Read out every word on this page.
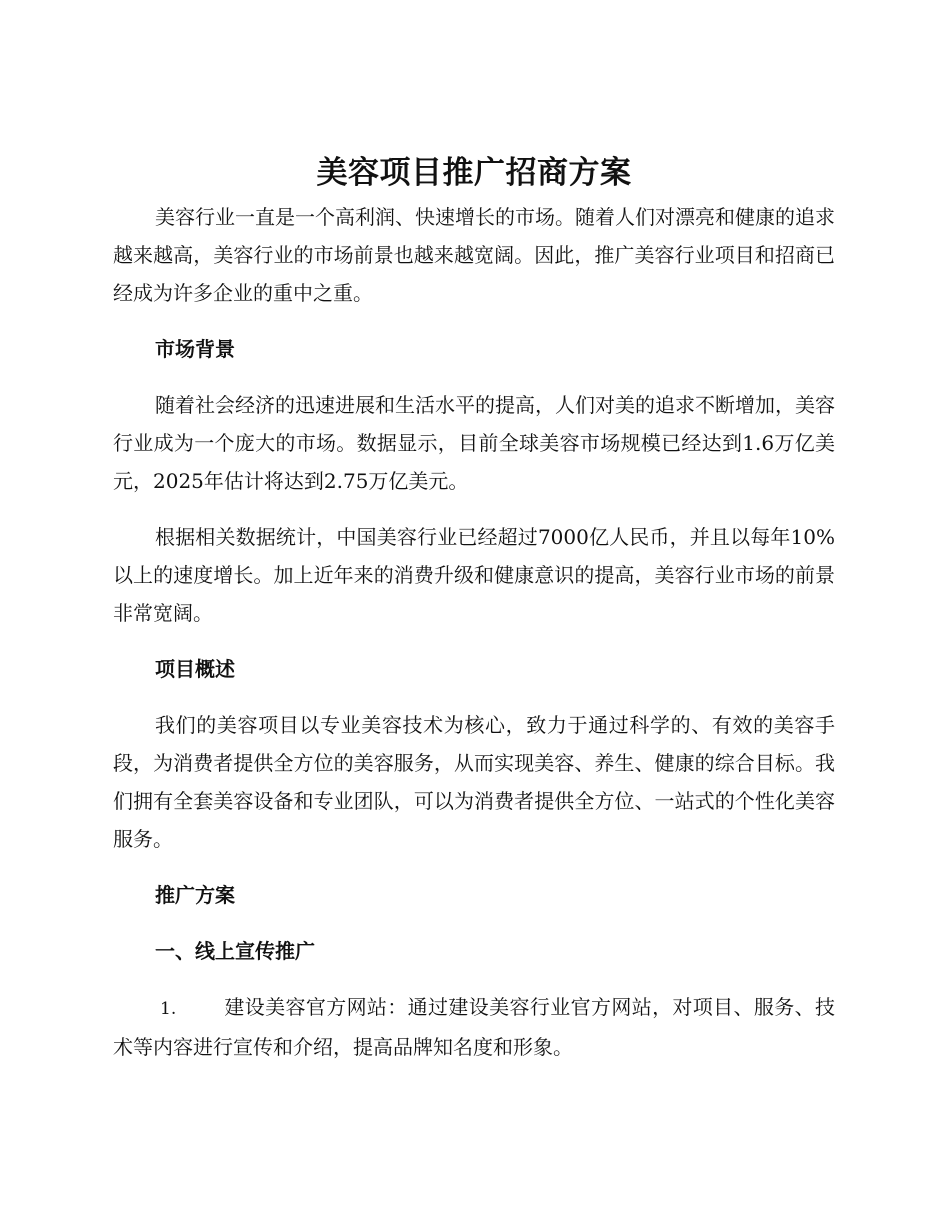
美容项目推广招商方案

美容行业一直是一个高利润、快速增长的市场。随着人们对漂亮和健康的追求越来越高，美容行业的市场前景也越来越宽阔。因此，推广美容行业项目和招商已经成为许多企业的重中之重。

市场背景

随着社会经济的迅速进展和生活水平的提高，人们对美的追求不断增加，美容行业成为一个庞大的市场。数据显示，目前全球美容市场规模已经达到1.6万亿美元，2025年估计将达到2.75万亿美元。

根据相关数据统计，中国美容行业已经超过7000亿人民币，并且以每年10%以上的速度增长。加上近年来的消费升级和健康意识的提高，美容行业市场的前景非常宽阔。

项目概述

我们的美容项目以专业美容技术为核心，致力于通过科学的、有效的美容手段，为消费者提供全方位的美容服务，从而实现美容、养生、健康的综合目标。我们拥有全套美容设备和专业团队，可以为消费者提供全方位、一站式的个性化美容服务。

推广方案
一、线上宣传推广

1. 建设美容官方网站：通过建设美容行业官方网站，对项目、服务、技术等内容进行宣传和介绍，提高品牌知名度和形象。
